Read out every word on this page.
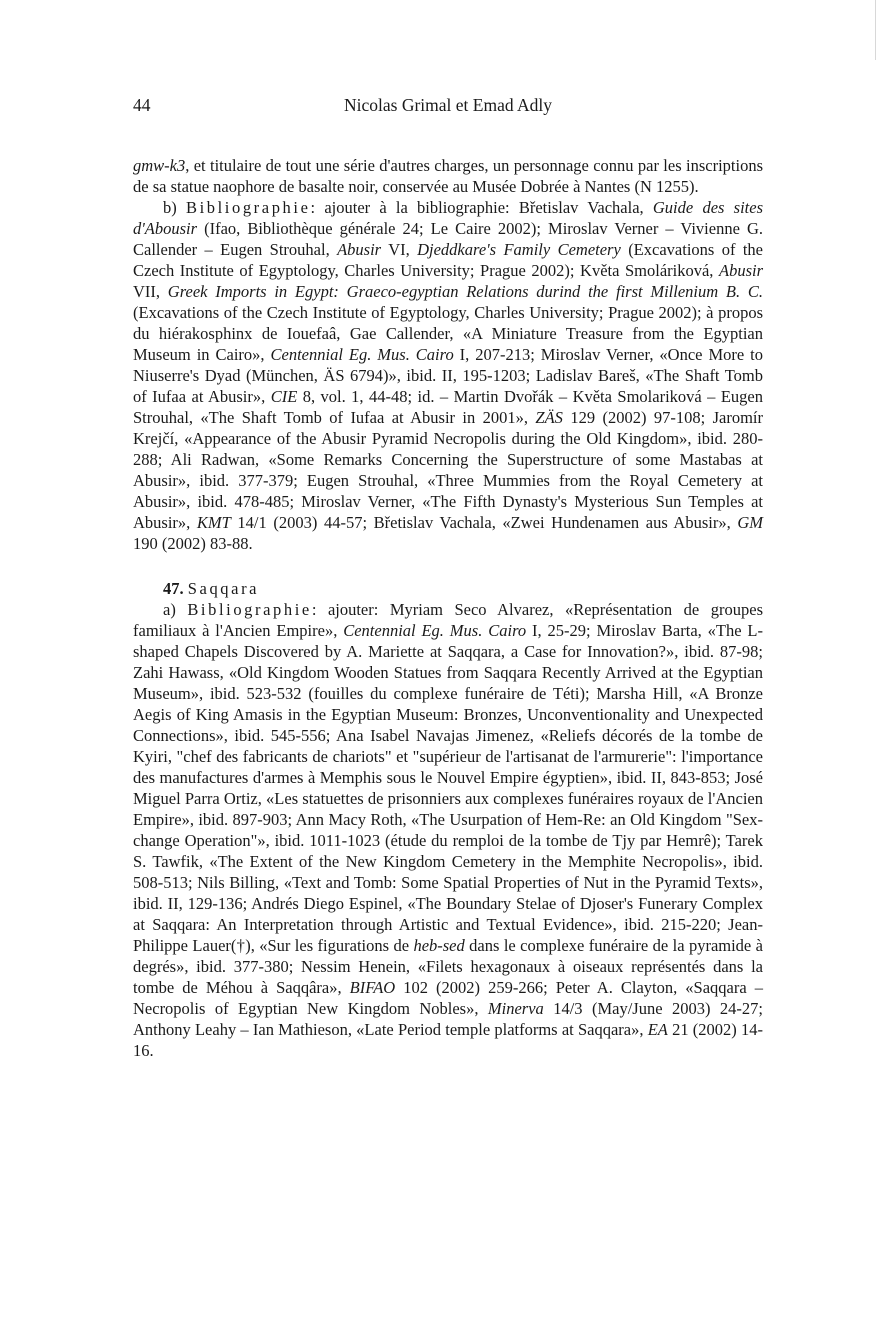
44	Nicolas Grimal et Emad Adly

gmw-k3, et titulaire de tout une série d'autres charges, un personnage connu par les inscriptions de sa statue naophore de basalte noir, conservée au Musée Dobrée à Nantes (N 1255).

b) Bibliographie: ajouter à la bibliographie: Břetislav Vachala, Guide des sites d'Abousir (Ifao, Bibliothèque générale 24; Le Caire 2002); Miroslav Verner – Vivienne G. Callender – Eugen Strouhal, Abusir VI, Djeddkare's Family Cemetery (Excavations of the Czech Institute of Egyptology, Charles University; Prague 2002); Květa Smoláriková, Abusir VII, Greek Imports in Egypt: Graeco-egyptian Relations durind the first Millenium B. C. (Excavations of the Czech Institute of Egyptology, Charles University; Prague 2002); à propos du hiérakosphinx de Iouefaâ, Gae Callender, «A Miniature Treasure from the Egyptian Museum in Cairo», Centennial Eg. Mus. Cairo I, 207-213; Miroslav Verner, «Once More to Niuserre's Dyad (München, ÄS 6794)», ibid. II, 195-1203; Ladislav Bareš, «The Shaft Tomb of Iufaa at Abusir», CIE 8, vol. 1, 44-48; id. – Martin Dvořák – Květa Smolariková – Eugen Strouhal, «The Shaft Tomb of Iufaa at Abusir in 2001», ZÄS 129 (2002) 97-108; Jaromír Krejčí, «Appearance of the Abusir Pyramid Necropolis during the Old Kingdom», ibid. 280-288; Ali Radwan, «Some Remarks Concerning the Superstructure of some Mastabas at Abusir», ibid. 377-379; Eugen Strouhal, «Three Mummies from the Royal Cemetery at Abusir», ibid. 478-485; Miroslav Verner, «The Fifth Dynasty's Mysterious Sun Temples at Abusir», KMT 14/1 (2003) 44-57; Břetislav Vachala, «Zwei Hundenamen aus Abusir», GM 190 (2002) 83-88.

47. Saqqara

a) Bibliographie: ajouter: Myriam Seco Alvarez, «Représentation de groupes familiaux à l'Ancien Empire», Centennial Eg. Mus. Cairo I, 25-29; Miroslav Barta, «The L-shaped Chapels Discovered by A. Mariette at Saqqara, a Case for Innovation?», ibid. 87-98; Zahi Hawass, «Old Kingdom Wooden Statues from Saqqara Recently Arrived at the Egyptian Museum», ibid. 523-532 (fouilles du complexe funéraire de Téti); Marsha Hill, «A Bronze Aegis of King Amasis in the Egyptian Museum: Bronzes, Unconventionality and Unexpected Connections», ibid. 545-556; Ana Isabel Navajas Jimenez, «Reliefs décorés de la tombe de Kyiri, "chef des fabricants de chariots" et "supérieur de l'artisanat de l'armurerie": l'importance des manufactures d'armes à Memphis sous le Nouvel Empire égyptien», ibid. II, 843-853; José Miguel Parra Ortiz, «Les statuettes de prisonniers aux complexes funéraires royaux de l'Ancien Empire», ibid. 897-903; Ann Macy Roth, «The Usurpation of Hem-Re: an Old Kingdom "Sex-change Operation"», ibid. 1011-1023 (étude du remploi de la tombe de Tjy par Hemrê); Tarek S. Tawfik, «The Extent of the New Kingdom Cemetery in the Memphite Necropolis», ibid. 508-513; Nils Billing, «Text and Tomb: Some Spatial Properties of Nut in the Pyramid Texts», ibid. II, 129-136; Andrés Diego Espinel, «The Boundary Stelae of Djoser's Funerary Complex at Saqqara: An Interpretation through Artistic and Textual Evidence», ibid. 215-220; Jean-Philippe Lauer(†), «Sur les figurations de heb-sed dans le complexe funéraire de la pyramide à degrés», ibid. 377-380; Nessim Henein, «Filets hexagonaux à oiseaux représentés dans la tombe de Méhou à Saqqâra», BIFAO 102 (2002) 259-266; Peter A. Clayton, «Saqqara – Necropolis of Egyptian New Kingdom Nobles», Minerva 14/3 (May/June 2003) 24-27; Anthony Leahy – Ian Mathieson, «Late Period temple platforms at Saqqara», EA 21 (2002) 14-16.
